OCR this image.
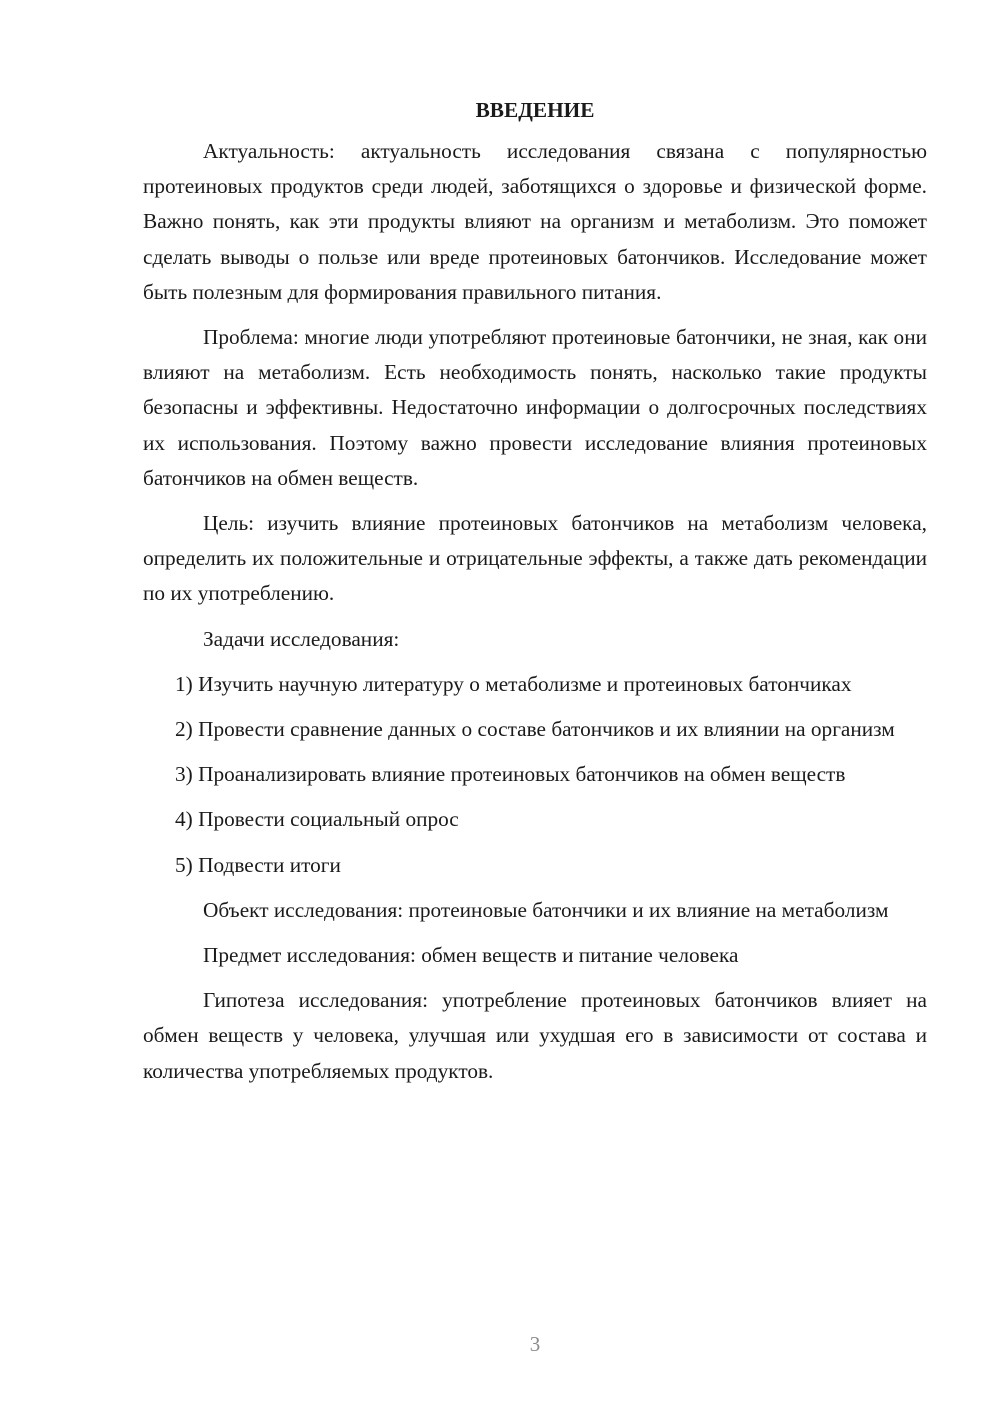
ВВЕДЕНИЕ

Актуальность: актуальность исследования связана с популярностью протеиновых продуктов среди людей, заботящихся о здоровье и физической форме. Важно понять, как эти продукты влияют на организм и метаболизм. Это поможет сделать выводы о пользе или вреде протеиновых батончиков. Исследование может быть полезным для формирования правильного питания.

Проблема: многие люди употребляют протеиновые батончики, не зная, как они влияют на метаболизм. Есть необходимость понять, насколько такие продукты безопасны и эффективны. Недостаточно информации о долгосрочных последствиях их использования. Поэтому важно провести исследование влияния протеиновых батончиков на обмен веществ.

Цель: изучить влияние протеиновых батончиков на метаболизм человека, определить их положительные и отрицательные эффекты, а также дать рекомендации по их употреблению.

Задачи исследования:

1) Изучить научную литературу о метаболизме и протеиновых батончиках

2) Провести сравнение данных о составе батончиков и их влиянии на организм

3) Проанализировать влияние протеиновых батончиков на обмен веществ

4) Провести социальный опрос

5) Подвести итоги

Объект исследования: протеиновые батончики и их влияние на метаболизм

Предмет исследования: обмен веществ и питание человека

Гипотеза исследования: употребление протеиновых батончиков влияет на обмен веществ у человека, улучшая или ухудшая его в зависимости от состава и количества употребляемых продуктов.

3
